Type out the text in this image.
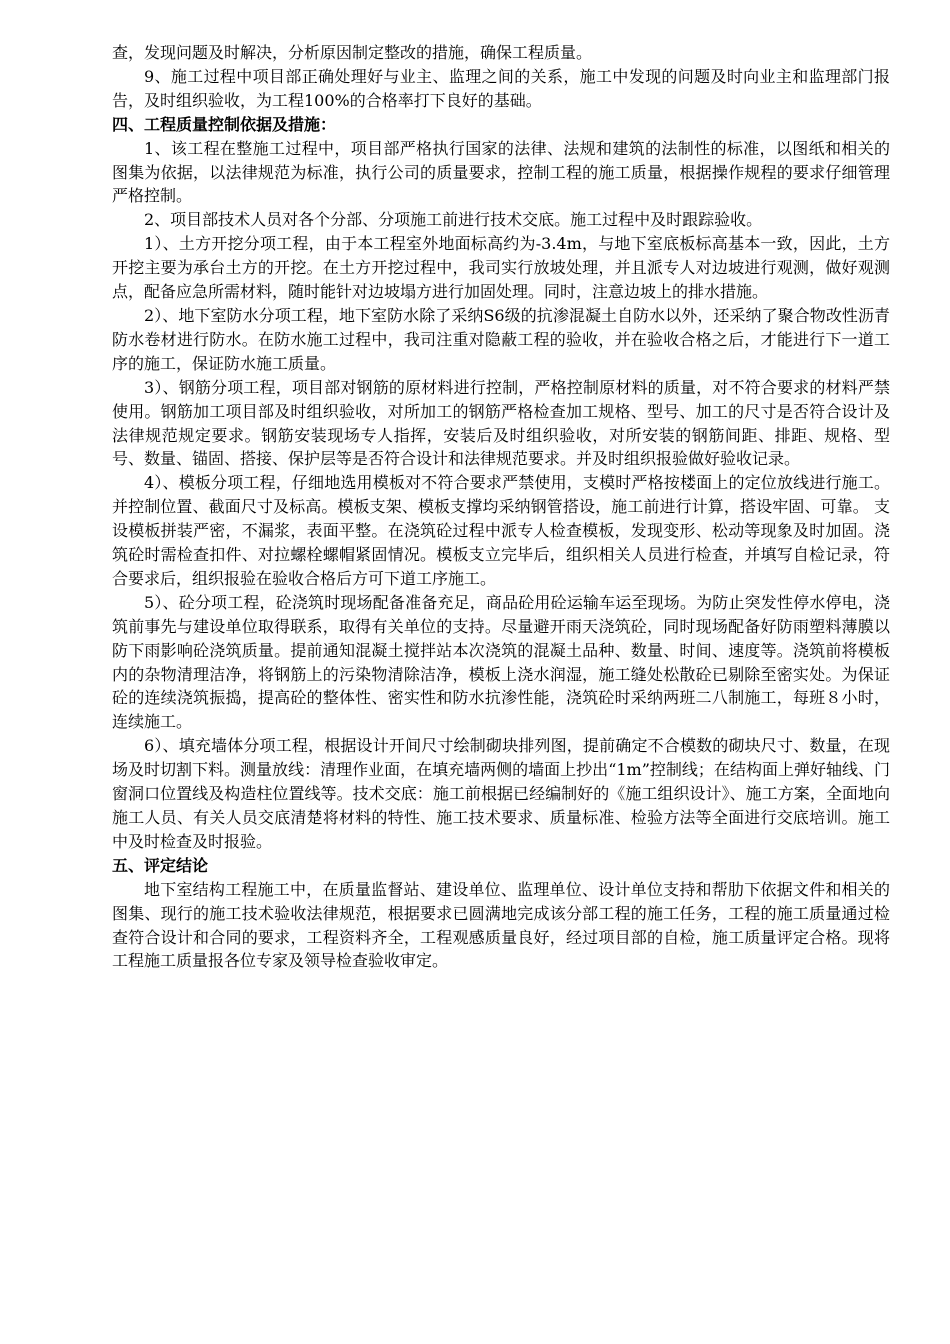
查，发现问题及时解决，分析原因制定整改的措施，确保工程质量。

9、施工过程中项目部正确处理好与业主、监理之间的关系，施工中发现的问题及时向业主和监理部门报告，及时组织验收，为工程100%的合格率打下良好的基础。

四、工程质量控制依据及措施：

1、该工程在整施工过程中，项目部严格执行国家的法律、法规和建筑的法制性的标准，以图纸和相关的图集为依据，以法律规范为标准，执行公司的质量要求，控制工程的施工质量，根据操作规程的要求仔细管理严格控制。

2、项目部技术人员对各个分部、分项施工前进行技术交底。施工过程中及时跟踪验收。

1）、土方开挖分项工程，由于本工程室外地面标高约为-3.4m，与地下室底板标高基本一致，因此，土方开挖主要为承台土方的开挖。在土方开挖过程中，我司实行放坡处理，并且派专人对边坡进行观测，做好观测点，配备应急所需材料，随时能针对边坡塌方进行加固处理。同时，注意边坡上的排水措施。

2）、地下室防水分项工程，地下室防水除了采纳S6级的抗渗混凝土自防水以外，还采纳了聚合物改性沥青防水卷材进行防水。在防水施工过程中，我司注重对隐蔽工程的验收，并在验收合格之后，才能进行下一道工序的施工，保证防水施工质量。

3）、钢筋分项工程，项目部对钢筋的原材料进行控制，严格控制原材料的质量，对不符合要求的材料严禁使用。钢筋加工项目部及时组织验收，对所加工的钢筋严格检查加工规格、型号、加工的尺寸是否符合设计及法律规范规定要求。钢筋安装现场专人指挥，安装后及时组织验收，对所安装的钢筋间距、排距、规格、型号、数量、锚固、搭接、保护层等是否符合设计和法律规范要求。并及时组织报验做好验收记录。

4）、模板分项工程，仔细地选用模板对不符合要求严禁使用，支模时严格按楼面上的定位放线进行施工。并控制位置、截面尺寸及标高。模板支架、模板支撑均采纳钢管搭设，施工前进行计算，搭设牢固、可靠。 支设模板拼装严密，不漏浆，表面平整。在浇筑砼过程中派专人检查模板，发现变形、松动等现象及时加固。浇筑砼时需检查扣件、对拉螺栓螺帽紧固情况。模板支立完毕后，组织相关人员进行检查，并填写自检记录，符合要求后，组织报验在验收合格后方可下道工序施工。

5）、砼分项工程，砼浇筑时现场配备准备充足，商品砼用砼运输车运至现场。为防止突发性停水停电，浇筑前事先与建设单位取得联系，取得有关单位的支持。尽量避开雨天浇筑砼，同时现场配备好防雨塑料薄膜以防下雨影响砼浇筑质量。提前通知混凝土搅拌站本次浇筑的混凝土品种、数量、时间、速度等。浇筑前将模板内的杂物清理洁净，将钢筋上的污染物清除洁净，模板上浇水润湿，施工缝处松散砼已剔除至密实处。为保证砼的连续浇筑振捣，提高砼的整体性、密实性和防水抗渗性能，浇筑砼时采纳两班二八制施工，每班８小时，连续施工。

6）、填充墙体分项工程，根据设计开间尺寸绘制砌块排列图，提前确定不合模数的砌块尺寸、数量，在现场及时切割下料。测量放线：清理作业面，在填充墙两侧的墙面上抄出“1m”控制线；在结构面上弹好轴线、门窗洞口位置线及构造柱位置线等。技术交底：施工前根据已经编制好的《施工组织设计》、施工方案，全面地向施工人员、有关人员交底清楚将材料的特性、施工技术要求、质量标准、检验方法等全面进行交底培训。施工中及时检查及时报验。

五、评定结论

地下室结构工程施工中，在质量监督站、建设单位、监理单位、设计单位支持和帮肋下依据文件和相关的图集、现行的施工技术验收法律规范，根据要求已圆满地完成该分部工程的施工任务，工程的施工质量通过检查符合设计和合同的要求，工程资料齐全，工程观感质量良好，经过项目部的自检，施工质量评定合格。现将工程施工质量报各位专家及领导检查验收审定。
